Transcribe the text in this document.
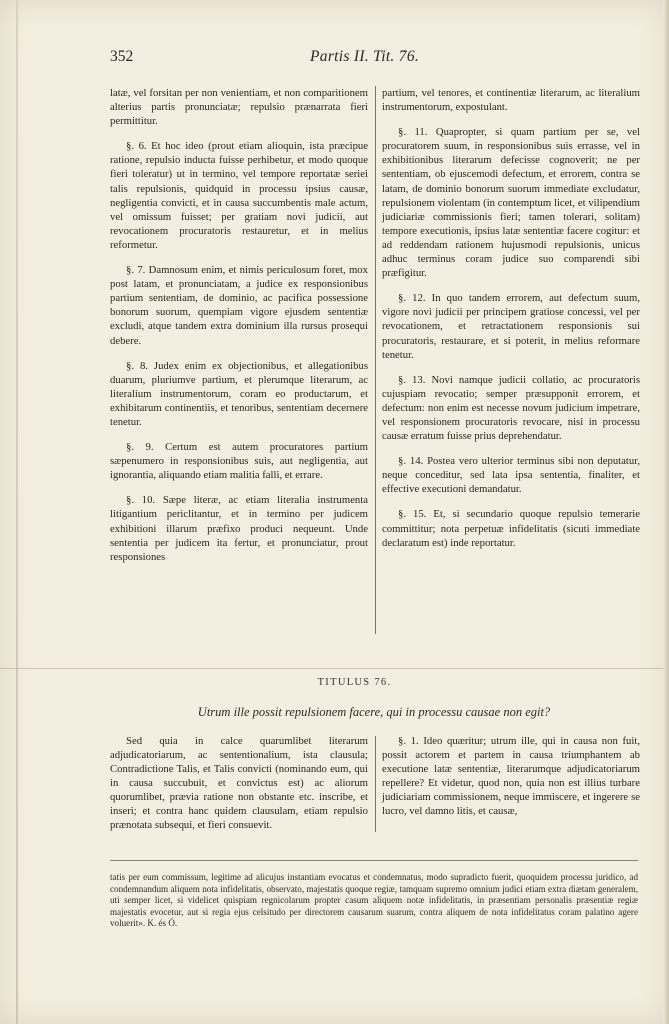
352	Partis II. Tit. 76.

latæ, vel forsitan per non venientiam, et non comparitionem alterius partis pronunciatæ; repulsio prænarrata fieri permittitur.

§. 6. Et hoc ideo (prout etiam alioquin, ista præcipue ratione, repulsio inducta fuisse perhibetur, et modo quoque fieri toleratur) ut in termino, vel tempore reportatæ seriei talis repulsionis, quidquid in processu ipsius causæ, negligentia convicti, et in causa succumbentis male actum, vel omissum fuisset; per gratiam novi judicii, aut revocationem procuratoris restauretur, et in melius reformetur.

§. 7. Damnosum enim, et nimis periculosum foret, mox post latam, et pronunciatam, a judice ex responsionibus partium sententiam, de dominio, ac pacifica possessione bonorum suorum, quempiam vigore ejusdem sententiæ excludi, atque tandem extra dominium illa rursus prosequi debere.

§. 8. Judex enim ex objectionibus, et allegationibus duarum, pluriumve partium, et plerumque literarum, ac literalium instrumentorum, coram eo productarum, et exhibitarum continentiis, et tenoribus, sententiam decernere tenetur.

§. 9. Certum est autem procuratores partium sæpenumero in responsionibus suis, aut negligentia, aut ignorantia, aliquando etiam malitia falli, et errare.

§. 10. Sæpe literæ, ac etiam literalia instrumenta litigantium periclitantur, et in termino per judicem exhibitioni illarum præfixo produci nequeunt. Unde sententia per judicem ita fertur, et pronunciatur, prout responsiones

partium, vel tenores, et continentiæ literarum, ac literalium instrumentorum, expostulant.

§. 11. Quapropter, si quam partium per se, vel procuratorem suum, in responsionibus suis errasse, vel in exhibitionibus literarum defecisse cognoverit; ne per sententiam, ob ejuscemodi defectum, et errorem, contra se latam, de dominio bonorum suorum immediate excludatur, repulsionem violentam (in contemptum licet, et vilipendium judiciariæ commissionis fieri; tamen tolerari, solitam) tempore executionis, ipsius latæ sententiæ facere cogitur: et ad reddendam rationem hujusmodi repulsionis, unicus adhuc terminus coram judice suo comparendi sibi præfigitur.

§. 12. In quo tandem errorem, aut defectum suum, vigore novi judicii per principem gratiose concessi, vel per revocationem, et retractationem responsionis sui procuratoris, restaurare, et si poterit, in melius reformare tenetur.

§. 13. Novi namque judicii collatio, ac procuratoris cujuspiam revocatio; semper præsupponit errorem, et defectum: non enim est necesse novum judicium impetrare, vel responsionem procuratoris revocare, nisi in processu causæ erratum fuisse prius deprehendatur.

§. 14. Postea vero ulterior terminus sibi non deputatur, neque conceditur, sed lata ipsa sententia, finaliter, et effective executioni demandatur.

§. 15. Et, si secundario quoque repulsio temerarie committitur; nota perpetuæ infidelitatis (sicuti immediate declaratum est) inde reportatur.

TITULUS 76.
Utrum ille possit repulsionem facere, qui in processu causae non egit?

Sed quia in calce quarumlibet literarum adjudicatoriarum, ac sententionalium, ista clausula; Contradictione Talis, et Talis convicti (nominando eum, qui in causa succubuit, et convictus est) ac aliorum quorumlibet, prævia ratione non obstante etc. inscribe, et inseri; et contra hanc quidem clausulam, etiam repulsio prænotata subsequi, et fieri consuevit.

§. 1. Ideo quæritur; utrum ille, qui in causa non fuit, possit actorem et partem in causa triumphantem ab executione latæ sententiæ, literarumque adjudicatoriarum repellere? Et videtur, quod non, quia non est illius turbare judiciariam commissionem, neque immiscere, et ingerere se lucro, vel damno litis, et causæ,

tatis per eum commissum, legitime ad alicujus instantiam evocatus et condemnatus, modo supradicto fuerit, quoquidem processu juridico, ad condemnandum aliquem nota infidelitatis, observato, majestatis quoque regiæ, tamquam supremo omnium judici etiam extra diætam generalem, uti semper licet, si videlicet quispiam regnicolarum propter casum aliquem notæ infidelitatis, in præsentiam personalis præsentiæ regiæ majestatis evocetur, aut si regia ejus celsitudo per directorem causarum suarum, contra aliquem de nota infidelitatus coram palatino agere voluerit». K. és Ó.
